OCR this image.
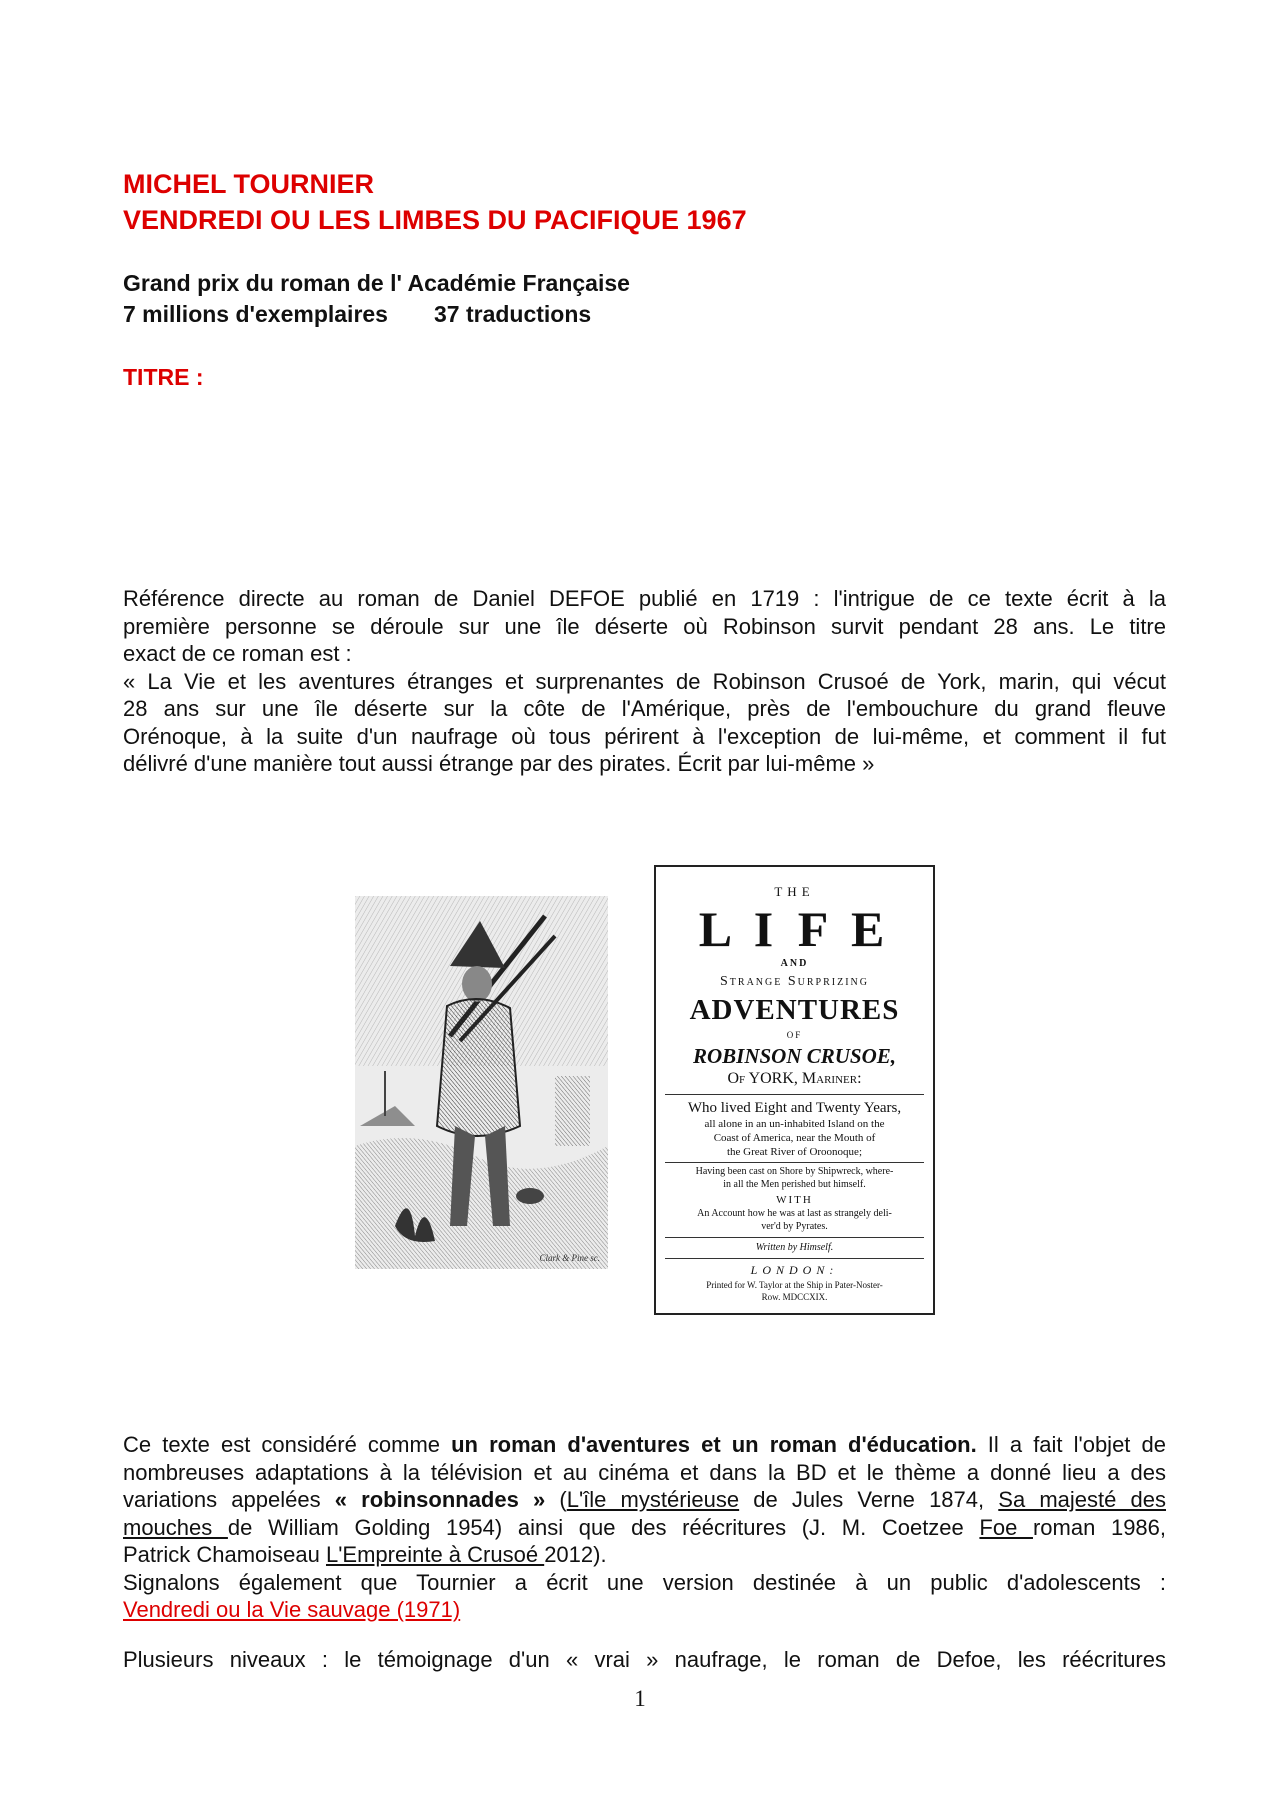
MICHEL TOURNIER
VENDREDI OU LES LIMBES DU PACIFIQUE 1967
Grand prix du roman de l' Académie Française
7 millions d'exemplaires 37 traductions
TITRE :
Référence directe au roman de Daniel DEFOE publié en 1719 : l'intrigue de ce texte écrit à la
première personne se déroule sur une île déserte où Robinson survit pendant 28 ans. Le titre
exact de ce roman est :
« La Vie et les aventures étranges et surprenantes de Robinson Crusoé de York, marin, qui vécut
28 ans sur une île déserte sur la côte de l'Amérique, près de l'embouchure du grand fleuve
Orénoque, à la suite d'un naufrage où tous périrent à l'exception de lui-même, et comment il fut
délivré d'une manière tout aussi étrange par des pirates. Écrit par lui-même »
Clark & Pine sc.
THE
L I F E
AND
Strange Surprizing
ADVENTURES
OF
ROBINSON CRUSOE,
Of YORK, Mariner:
Who lived Eight and Twenty Years,
all alone in an un-inhabited Island on the
Coast of America, near the Mouth of
the Great River of Oroonoque;
Having been cast on Shore by Shipwreck, where-
in all the Men perished but himself.
WITH
An Account how he was at last as strangely deli-
ver'd by Pyrates.
Written by Himself.
LONDON:
Printed for W. Taylor at the Ship in Pater-Noster-
Row. MDCCXIX.
Ce texte est considéré comme un roman d'aventures et un roman d'éducation. Il a fait l'objet de
nombreuses adaptations à la télévision et au cinéma et dans la BD et le thème a donné lieu a des
variations appelées « robinsonnades » (L'île mystérieuse de Jules Verne 1874, Sa majesté des
mouches de William Golding 1954) ainsi que des réécritures (J. M. Coetzee Foe roman 1986,
Patrick Chamoiseau L'Empreinte à Crusoé 2012).
Signalons également que Tournier a écrit une version destinée à un public d'adolescents :
Vendredi ou la Vie sauvage (1971)
Plusieurs niveaux : le témoignage d'un « vrai » naufrage, le roman de Defoe, les réécritures
1
